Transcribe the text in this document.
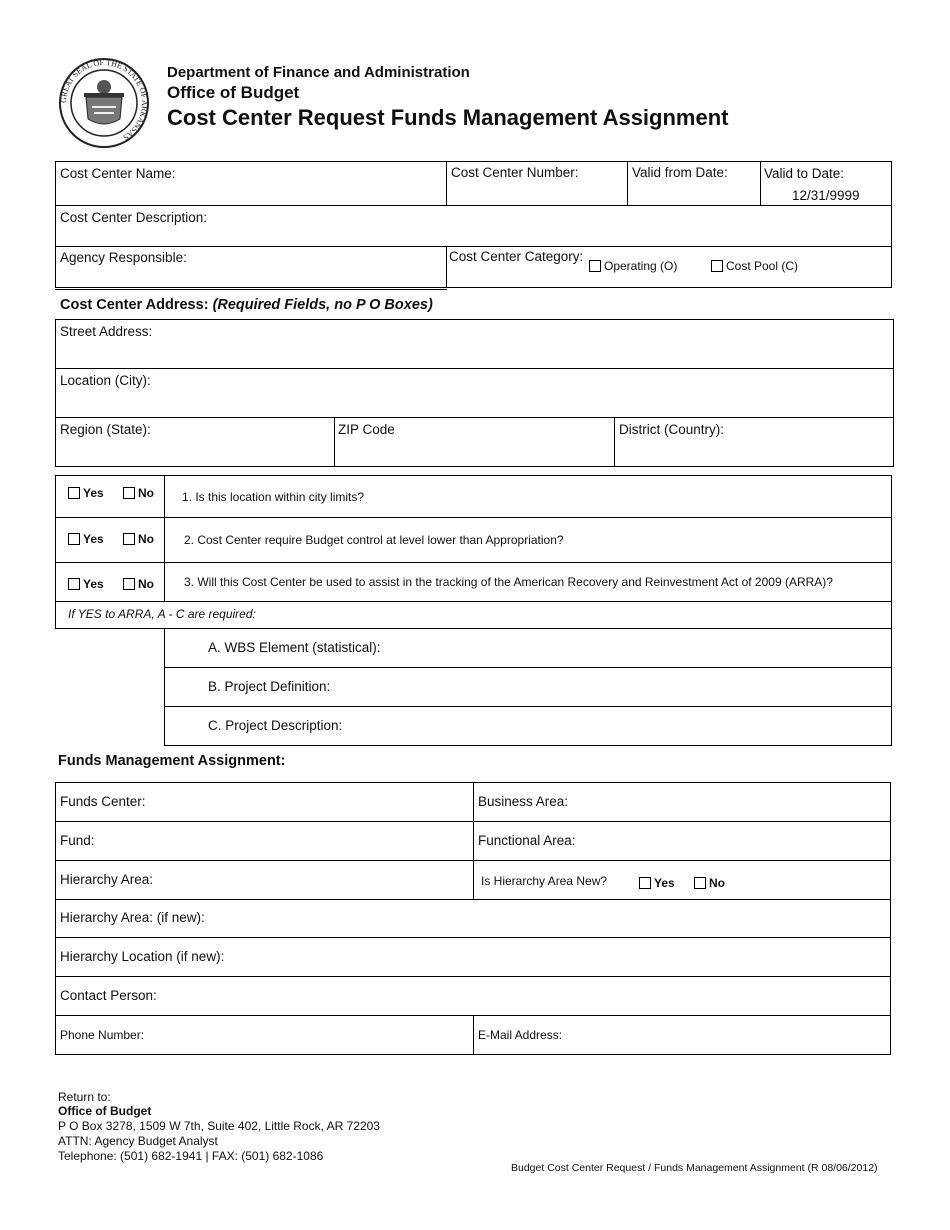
GREAT SEAL OF THE STATE OF ARKANSAS
Department of Finance and Administration
Office of Budget
Cost Center Request Funds Management Assignment
Cost Center Name:	Cost Center Number:	Valid from Date:	Valid to Date:
12/31/9999
Cost Center Description:
Agency Responsible:	Cost Center Category:
Operating (O)	Cost Pool (C)
Cost Center Address: (Required Fields, no P O Boxes)
Street Address:
Location (City):
Region (State):	ZIP Code	District (Country):
Yes	No 1. Is this location within city limits?
Yes	No	2. Cost Center require Budget control at level lower than Appropriation?
Yes	No	3. Will this Cost Center be used to assist in the tracking of the American Recovery and Reinvestment Act of 2009 (ARRA)?
If YES to ARRA, A - C are required:
A. WBS Element (statistical):
B. Project Definition:
C. Project Description:
Funds Management Assignment:
Funds Center:	Business Area:
Fund:	Functional Area:
Hierarchy Area:	Is Hierarchy Area New?	Yes	No
Hierarchy Area: (if new):
Hierarchy Location (if new):
Contact Person:
Phone Number:	E-Mail Address:
Return to:
Office of Budget
P O Box 3278, 1509 W 7th, Suite 402, Little Rock, AR 72203
ATTN: Agency Budget Analyst
Telephone: (501) 682-1941 | FAX: (501) 682-1086
Budget Cost Center Request / Funds Management Assignment (R 08/06/2012)
